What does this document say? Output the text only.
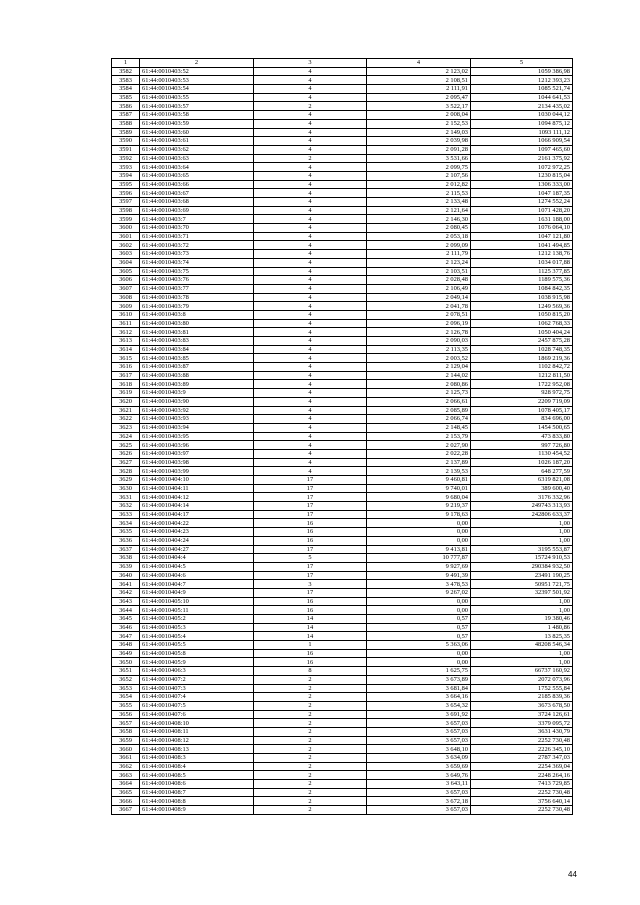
1	2	3	4	5
3582	61:44:0010403:52	4	2 123,02	1059 386,98
3583	61:44:0010403:53	4	2 108,51	1212 393,23
3584	61:44:0010403:54	4	2 111,91	1085 521,74
3585	61:44:0010403:55	4	2 095,47	1044 641,53
3586	61:44:0010403:57	2	3 522,17	2134 435,02
3587	61:44:0010403:58	4	2 008,04	1030 044,12
3588	61:44:0010403:59	4	2 152,53	1094 875,12
3589	61:44:0010403:60	4	2 149,03	1093 111,12
3590	61:44:0010403:61	4	2 039,98	1066 909,54
3591	61:44:0010403:62	4	2 091,28	1097 465,60
3592	61:44:0010403:63	2	3 531,66	2161 375,92
3593	61:44:0010403:64	4	2 099,75	1072 972,25
3594	61:44:0010403:65	4	2 107,56	1230 815,04
3595	61:44:0010403:66	4	2 012,82	1306 333,00
3596	61:44:0010403:67	4	2 115,53	1047 187,35
3597	61:44:0010403:68	4	2 133,48	1274 552,24
3598	61:44:0010403:69	4	2 121,64	1071 428,20
3599	61:44:0010403:7	4	2 146,30	1631 188,00
3600	61:44:0010403:70	4	2 080,45	1076 064,10
3601	61:44:0010403:71	4	2 053,18	1047 121,80
3602	61:44:0010403:72	4	2 099,09	1041 494,85
3603	61:44:0010403:73	4	2 111,79	1212 138,76
3604	61:44:0010403:74	4	2 123,24	1034 017,88
3605	61:44:0010403:75	4	2 103,51	1125 377,85
3606	61:44:0010403:76	4	2 028,48	1189 575,36
3607	61:44:0010403:77	4	2 106,49	1084 842,35
3608	61:44:0010403:78	4	2 049,14	1038 915,98
3609	61:44:0010403:79	4	2 041,78	1249 569,36
3610	61:44:0010403:8	4	2 078,51	1050 815,20
3611	61:44:0010403:80	4	2 096,19	1062 768,33
3612	61:44:0010403:81	4	2 126,78	1050 404,24
3613	61:44:0010403:83	4	2 090,03	2457 875,28
3614	61:44:0010403:84	4	2 113,35	1028 748,35
3615	61:44:0010403:85	4	2 003,52	1869 219,36
3616	61:44:0010403:87	4	2 129,04	1102 842,72
3617	61:44:0010403:88	4	2 144,02	1212 811,50
3618	61:44:0010403:89	4	2 080,86	1722 952,08
3619	61:44:0010403:9	4	2 125,73	928 972,75
3620	61:44:0010403:90	4	2 066,61	2209 719,09
3621	61:44:0010403:92	4	2 085,89	1078 405,17
3622	61:44:0010403:93	4	2 066,74	834 696,00
3623	61:44:0010403:94	4	2 148,45	1454 500,65
3624	61:44:0010403:95	4	2 153,79	473 833,80
3625	61:44:0010403:96	4	2 027,90	997 726,80
3626	61:44:0010403:97	4	2 022,28	1130 454,52
3627	61:44:0010403:98	4	2 137,89	1026 187,20
3628	61:44:0010403:99	4	2 139,53	648 277,59
3629	61:44:0010404:10	17	9 460,81	6319 821,08
3630	61:44:0010404:11	17	9 740,01	389 600,40
3631	61:44:0010404:12	17	9 680,04	3176 332,96
3632	61:44:0010404:14	17	9 219,37	249743 313,93
3633	61:44:0010404:17	17	9 178,63	242806 633,37
3634	61:44:0010404:22	16	0,00	1,00
3635	61:44:0010404:23	16	0,00	1,00
3636	61:44:0010404:24	16	0,00	1,00
3637	61:44:0010404:27	17	9 413,81	3195 553,87
3638	61:44:0010404:4	5	10 777,87	15724 910,53
3639	61:44:0010404:5	17	9 927,69	290384 932,50
3640	61:44:0010404:6	17	9 491,39	23491 190,25
3641	61:44:0010404:7	3	3 478,53	50951 721,75
3642	61:44:0010404:9	17	9 267,02	32397 501,92
3643	61:44:0010405:10	16	0,00	1,00
3644	61:44:0010405:11	16	0,00	1,00
3645	61:44:0010405:2	14	0,57	19 380,46
3646	61:44:0010405:3	14	0,57	1 480,86
3647	61:44:0010405:4	14	0,57	13 825,35
3648	61:44:0010405:5	1	5 363,06	48208 546,34
3649	61:44:0010405:8	16	0,00	1,00
3650	61:44:0010405:9	16	0,00	1,00
3651	61:44:0010406:3	8	1 625,75	66737 160,92
3652	61:44:0010407:2	2	3 673,89	2072 073,96
3653	61:44:0010407:3	2	3 681,84	1752 555,84
3654	61:44:0010407:4	2	3 664,16	2185 839,36
3655	61:44:0010407:5	2	3 654,32	3673 678,50
3656	61:44:0010407:6	2	3 691,92	3724 126,61
3657	61:44:0010408:10	2	3 657,03	3379 095,72
3658	61:44:0010408:11	2	3 657,03	3631 430,79
3659	61:44:0010408:12	2	3 657,03	2252 730,48
3660	61:44:0010408:13	2	3 648,10	2226 345,10
3661	61:44:0010408:3	2	3 634,09	2787 347,03
3662	61:44:0010408:4	2	3 659,69	2254 369,04
3663	61:44:0010408:5	2	3 649,76	2248 264,16
3664	61:44:0010408:6	2	3 643,11	7413 729,85
3665	61:44:0010408:7	2	3 657,03	2252 730,48
3666	61:44:0010408:8	2	3 672,18	3756 640,14
3667	61:44:0010408:9	2	3 657,03	2252 730,48
44
